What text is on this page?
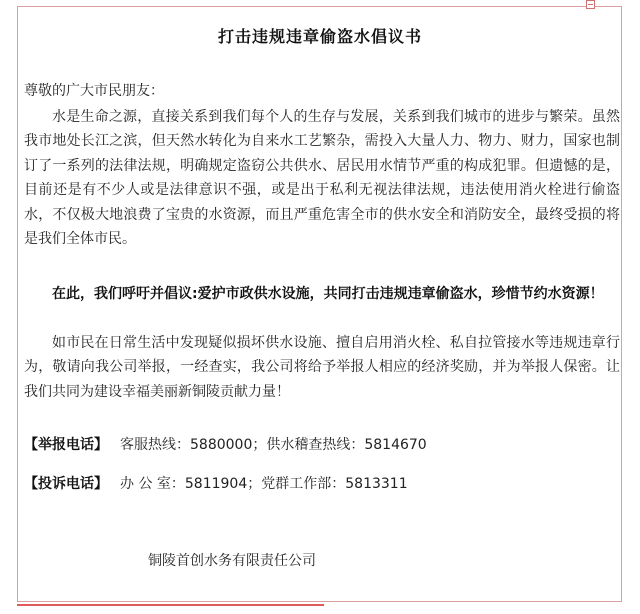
打击违规违章偷盗水倡议书
尊敬的广大市民朋友：

水是生命之源，直接关系到我们每个人的生存与发展，关系到我们城市的进步与繁荣。虽然我市地处长江之滨，但天然水转化为自来水工艺繁杂，需投入大量人力、物力、财力，国家也制订了一系列的法律法规，明确规定盗窃公共供水、居民用水情节严重的构成犯罪。但遗憾的是，目前还是有不少人或是法律意识不强，或是出于私利无视法律法规，违法使用消火栓进行偷盗水，不仅极大地浪费了宝贵的水资源，而且严重危害全市的供水安全和消防安全，最终受损的将是我们全体市民。

在此，我们呼吁并倡议:爱护市政供水设施，共同打击违规违章偷盗水，珍惜节约水资源！

如市民在日常生活中发现疑似损坏供水设施、擅自启用消火栓、私自拉管接水等违规违章行为，敬请向我公司举报，一经查实，我公司将给予举报人相应的经济奖励，并为举报人保密。让我们共同为建设幸福美丽新铜陵贡献力量！

【举报电话】 客服热线：5880000；供水稽查热线：5814670
【投诉电话】 办 公 室：5811904；党群工作部：5813311
铜陵首创水务有限责任公司
